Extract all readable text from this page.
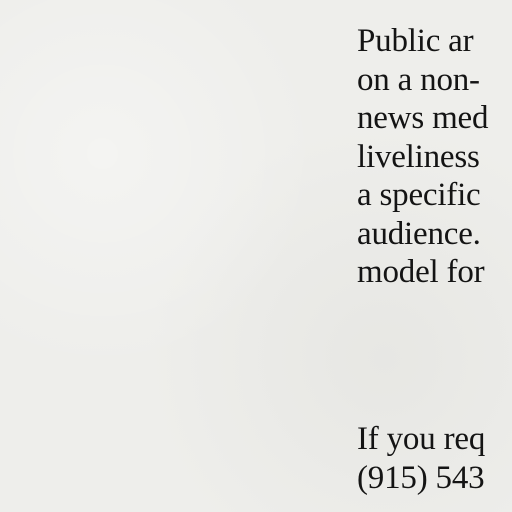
Public ar
on a non-
news med
liveliness
a specific
audience.
model for
If you req
(915) 543
